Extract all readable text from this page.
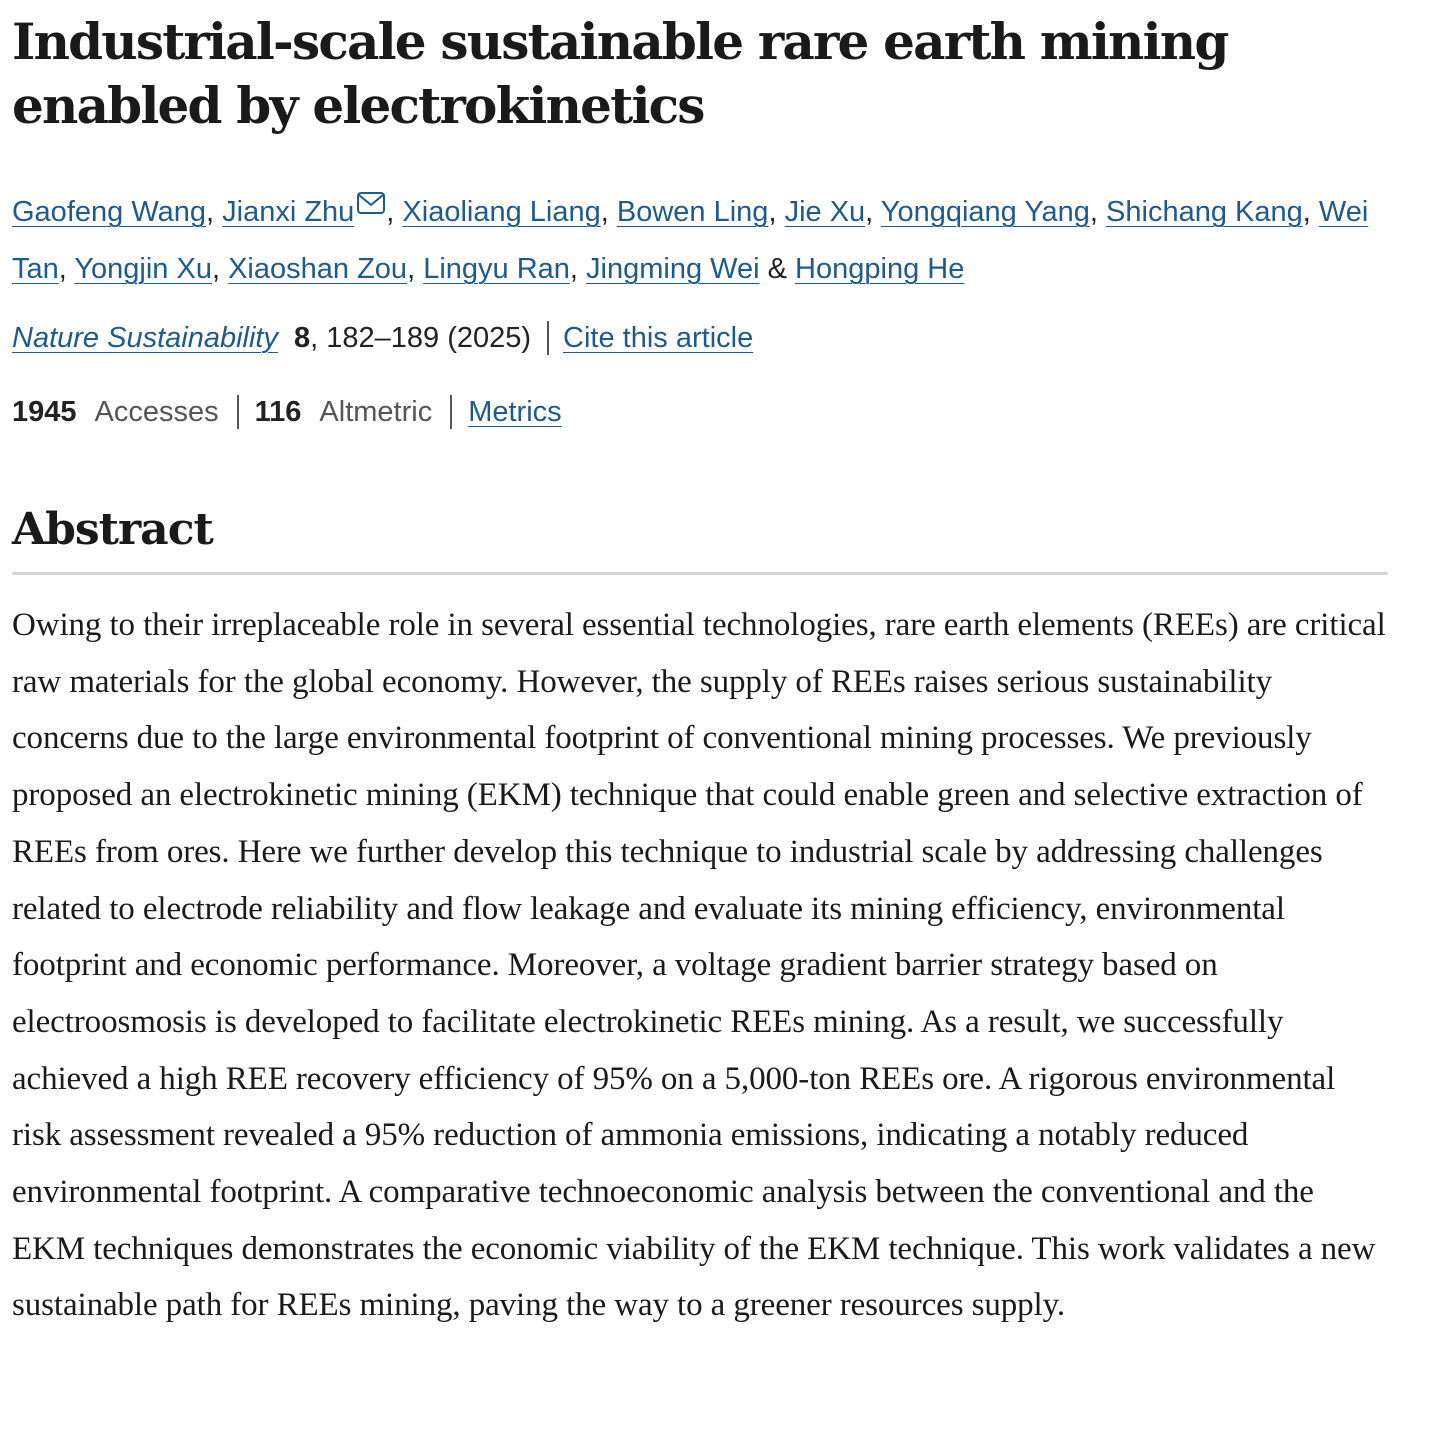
Industrial-scale sustainable rare earth mining enabled by electrokinetics
Gaofeng Wang, Jianxi Zhu , Xiaoliang Liang, Bowen Ling, Jie Xu, Yongqiang Yang, Shichang Kang, Wei Tan, Yongjin Xu, Xiaoshan Zou, Lingyu Ran, Jingming Wei & Hongping He
Nature Sustainability 8 , 182–189 (2025) Cite this article
1945 Accesses 116 Altmetric Metrics
Abstract

Owing to their irreplaceable role in several essential technologies, rare earth elements (REEs) are critical raw materials for the global economy. However, the supply of REEs raises serious sustainability concerns due to the large environmental footprint of conventional mining processes. We previously proposed an electrokinetic mining (EKM) technique that could enable green and selective extraction of REEs from ores. Here we further develop this technique to industrial scale by addressing challenges related to electrode reliability and flow leakage and evaluate its mining efficiency, environmental footprint and economic performance. Moreover, a voltage gradient barrier strategy based on electroosmosis is developed to facilitate electrokinetic REEs mining. As a result, we successfully achieved a high REE recovery efficiency of 95% on a 5,000-ton REEs ore. A rigorous environmental risk assessment revealed a 95% reduction of ammonia emissions, indicating a notably reduced environmental footprint. A comparative technoeconomic analysis between the conventional and the EKM techniques demonstrates the economic viability of the EKM technique. This work validates a new sustainable path for REEs mining, paving the way to a greener resources supply.
